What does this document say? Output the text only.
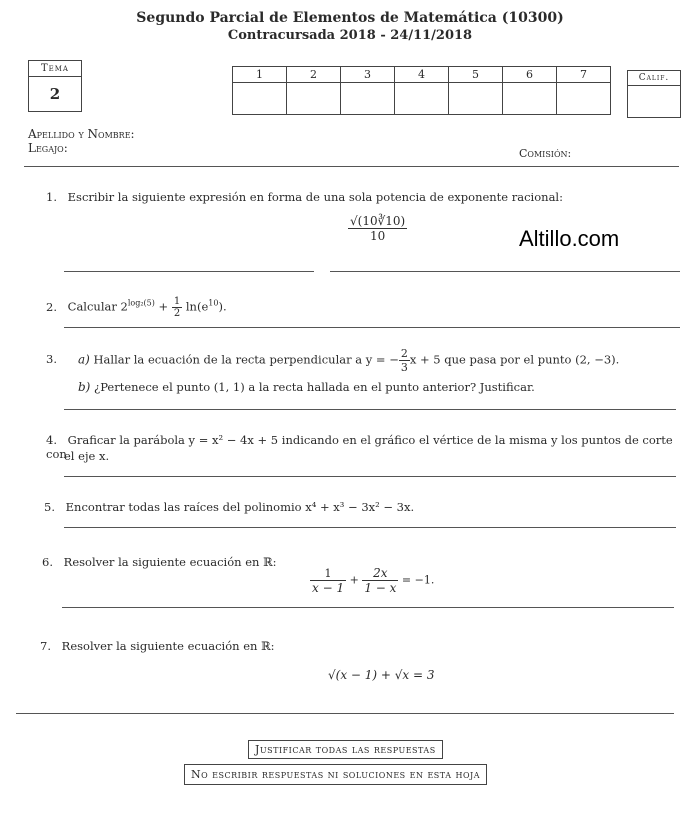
Segundo Parcial de Elementos de Matemática (10300)
Contracursada 2018 - 24/11/2018
Tema
2
1	2	3	4	5	6	7
							Calif.
Apellido y Nombre:
Legajo:	Comisión:
Altillo.com
1. Escribir la siguiente expresión en forma de una sola potencia de exponente racional:
$\frac{√(10∛10)}{10}$
2. Calcular $2^{log_2(5)} + \frac{1}{2} \ln(e^{10})$.
3.	a) Hallar la ecuación de la recta perpendicular a y = − $\frac{2}{3}$ x + 5 que pasa por el punto (2, −3).
b) ¿Pertenece el punto (1, 1) a la recta hallada en el punto anterior? Justificar.
4. Graficar la parábola y = x² − 4x + 5 indicando en el gráfico el vértice de la misma y los puntos de corte con
el eje x.
5. Encontrar todas las raíces del polinomio x⁴ + x³ − 3x² − 3x.
6. Resolver la siguiente ecuación en ℝ:
$\frac{1}{x - 1} + \frac{2x}{1 - x} = -1$.
7. Resolver la siguiente ecuación en ℝ:
√(x − 1) + √x = 3
Justificar todas las respuestas
No escribir respuestas ni soluciones en esta hoja
